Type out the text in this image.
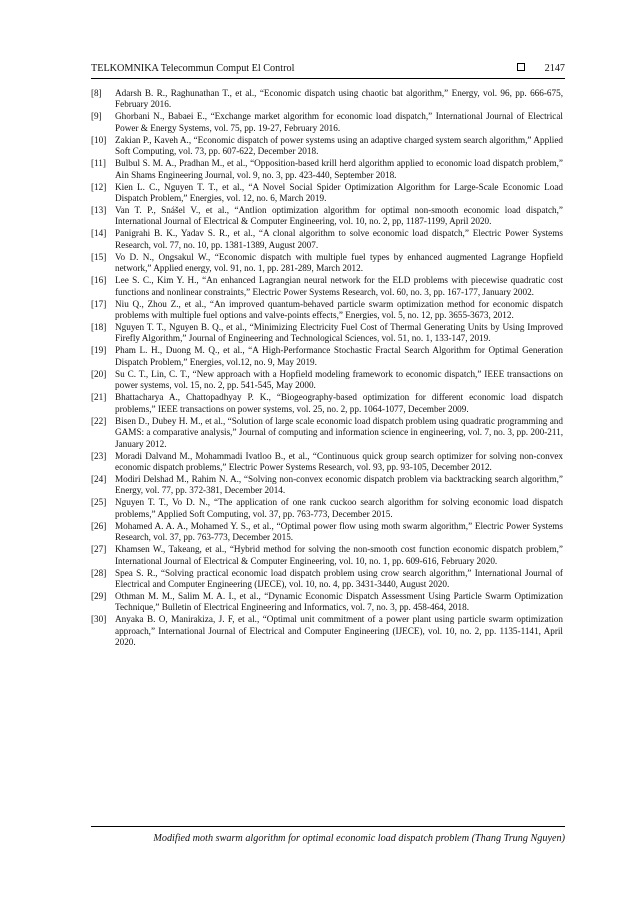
TELKOMNIKA Telecommun Comput El Control	2147
[8] Adarsh B. R., Raghunathan T., et al., “Economic dispatch using chaotic bat algorithm,” Energy, vol. 96, pp. 666-675, February 2016.
[9] Ghorbani N., Babaei E., “Exchange market algorithm for economic load dispatch,” International Journal of Electrical Power & Energy Systems, vol. 75, pp. 19-27, February 2016.
[10] Zakian P., Kaveh A., “Economic dispatch of power systems using an adaptive charged system search algorithm,” Applied Soft Computing, vol. 73, pp. 607-622, December 2018.
[11] Bulbul S. M. A., Pradhan M., et al., “Opposition-based krill herd algorithm applied to economic load dispatch problem,” Ain Shams Engineering Journal, vol. 9, no. 3, pp. 423-440, September 2018.
[12] Kien L. C., Nguyen T. T., et al., “A Novel Social Spider Optimization Algorithm for Large-Scale Economic Load Dispatch Problem,” Energies, vol. 12, no. 6, March 2019.
[13] Van T. P., Snášel V., et al., “Antlion optimization algorithm for optimal non-smooth economic load dispatch,” International Journal of Electrical & Computer Engineering, vol. 10, no. 2, pp, 1187-1199, April 2020.
[14] Panigrahi B. K., Yadav S. R., et al., “A clonal algorithm to solve economic load dispatch,” Electric Power Systems Research, vol. 77, no. 10, pp. 1381-1389, August 2007.
[15] Vo D. N., Ongsakul W., “Economic dispatch with multiple fuel types by enhanced augmented Lagrange Hopfield network,” Applied energy, vol. 91, no. 1, pp. 281-289, March 2012.
[16] Lee S. C., Kim Y. H., “An enhanced Lagrangian neural network for the ELD problems with piecewise quadratic cost functions and nonlinear constraints,” Electric Power Systems Research, vol. 60, no. 3, pp. 167-177, January 2002.
[17] Niu Q., Zhou Z., et al., “An improved quantum-behaved particle swarm optimization method for economic dispatch problems with multiple fuel options and valve-points effects,” Energies, vol. 5, no. 12, pp. 3655-3673, 2012.
[18] Nguyen T. T., Nguyen B. Q., et al., “Minimizing Electricity Fuel Cost of Thermal Generating Units by Using Improved Firefly Algorithm,” Journal of Engineering and Technological Sciences, vol. 51, no. 1, 133-147, 2019.
[19] Pham L. H., Duong M. Q., et al., “A High-Performance Stochastic Fractal Search Algorithm for Optimal Generation Dispatch Problem,” Energies, vol.12, no. 9, May 2019.
[20] Su C. T., Lin, C. T., “New approach with a Hopfield modeling framework to economic dispatch,” IEEE transactions on power systems, vol. 15, no. 2, pp. 541-545, May 2000.
[21] Bhattacharya A., Chattopadhyay P. K., “Biogeography-based optimization for different economic load dispatch problems,” IEEE transactions on power systems, vol. 25, no. 2, pp. 1064-1077, December 2009.
[22] Bisen D., Dubey H. M., et al., “Solution of large scale economic load dispatch problem using quadratic programming and GAMS: a comparative analysis,” Journal of computing and information science in engineering, vol. 7, no. 3, pp. 200-211, January 2012.
[23] Moradi Dalvand M., Mohammadi Ivatloo B., et al., “Continuous quick group search optimizer for solving non-convex economic dispatch problems,” Electric Power Systems Research, vol. 93, pp. 93-105, December 2012.
[24] Modiri Delshad M., Rahim N. A., “Solving non-convex economic dispatch problem via backtracking search algorithm,” Energy, vol. 77, pp. 372-381, December 2014.
[25] Nguyen T. T., Vo D. N., “The application of one rank cuckoo search algorithm for solving economic load dispatch problems,” Applied Soft Computing, vol. 37, pp. 763-773, December 2015.
[26] Mohamed A. A. A., Mohamed Y. S., et al., “Optimal power flow using moth swarm algorithm,” Electric Power Systems Research, vol. 37, pp. 763-773, December 2015.
[27] Khamsen W., Takeang, et al., “Hybrid method for solving the non-smooth cost function economic dispatch problem,” International Journal of Electrical & Computer Engineering, vol. 10, no. 1, pp. 609-616, February 2020.
[28] Spea S. R., “Solving practical economic load dispatch problem using crow search algorithm,” International Journal of Electrical and Computer Engineering (IJECE), vol. 10, no. 4, pp. 3431-3440, August 2020.
[29] Othman M. M., Salim M. A. I., et al., “Dynamic Economic Dispatch Assessment Using Particle Swarm Optimization Technique,” Bulletin of Electrical Engineering and Informatics, vol. 7, no. 3, pp. 458-464, 2018.
[30] Anyaka B. O, Manirakiza, J. F, et al., “Optimal unit commitment of a power plant using particle swarm optimization approach,” International Journal of Electrical and Computer Engineering (IJECE), vol. 10, no. 2, pp. 1135-1141, April 2020.
Modified moth swarm algorithm for optimal economic load dispatch problem (Thang Trung Nguyen)
